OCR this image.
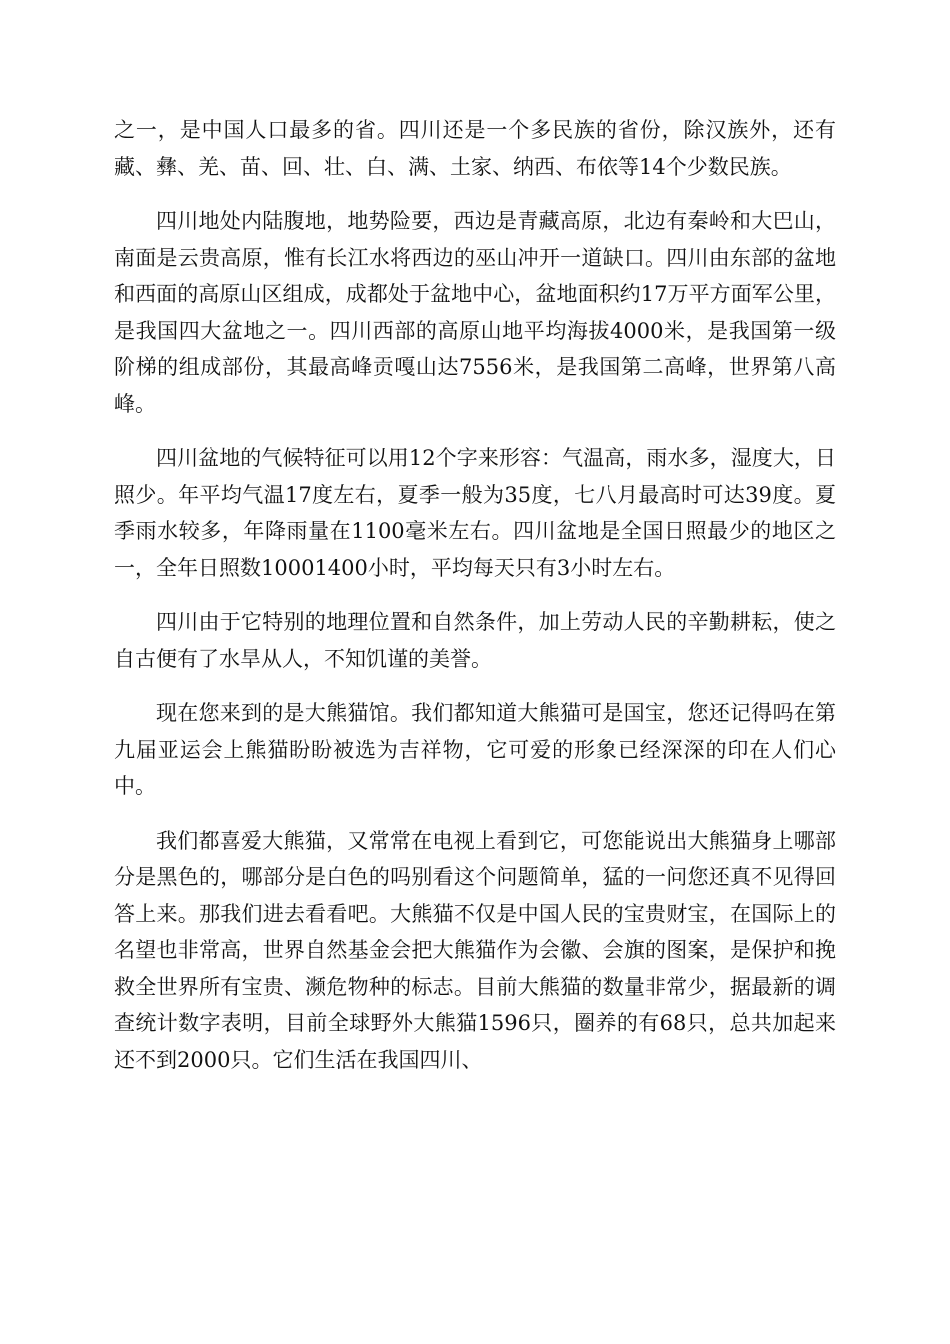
之一，是中国人口最多的省。四川还是一个多民族的省份，除汉族外，还有藏、彝、羌、苗、回、壮、白、满、土家、纳西、布依等14个少数民族。

四川地处内陆腹地，地势险要，西边是青藏高原，北边有秦岭和大巴山，南面是云贵高原，惟有长江水将西边的巫山冲开一道缺口。四川由东部的盆地和西面的高原山区组成，成都处于盆地中心，盆地面积约17万平方面军公里，是我国四大盆地之一。四川西部的高原山地平均海拔4000米，是我国第一级阶梯的组成部份，其最高峰贡嘎山达7556米，是我国第二高峰，世界第八高峰。

四川盆地的气候特征可以用12个字来形容：气温高，雨水多，湿度大，日照少。年平均气温17度左右，夏季一般为35度，七八月最高时可达39度。夏季雨水较多，年降雨量在1100毫米左右。四川盆地是全国日照最少的地区之一，全年日照数10001400小时，平均每天只有3小时左右。

四川由于它特别的地理位置和自然条件，加上劳动人民的辛勤耕耘，使之自古便有了水旱从人，不知饥谨的美誉。

现在您来到的是大熊猫馆。我们都知道大熊猫可是国宝，您还记得吗在第九届亚运会上熊猫盼盼被选为吉祥物，它可爱的形象已经深深的印在人们心中。

我们都喜爱大熊猫，又常常在电视上看到它，可您能说出大熊猫身上哪部分是黑色的，哪部分是白色的吗别看这个问题简单，猛的一问您还真不见得回答上来。那我们进去看看吧。大熊猫不仅是中国人民的宝贵财宝，在国际上的名望也非常高，世界自然基金会把大熊猫作为会徽、会旗的图案，是保护和挽救全世界所有宝贵、濒危物种的标志。目前大熊猫的数量非常少，据最新的调查统计数字表明，目前全球野外大熊猫1596只，圈养的有68只，总共加起来还不到2000只。它们生活在我国四川、
